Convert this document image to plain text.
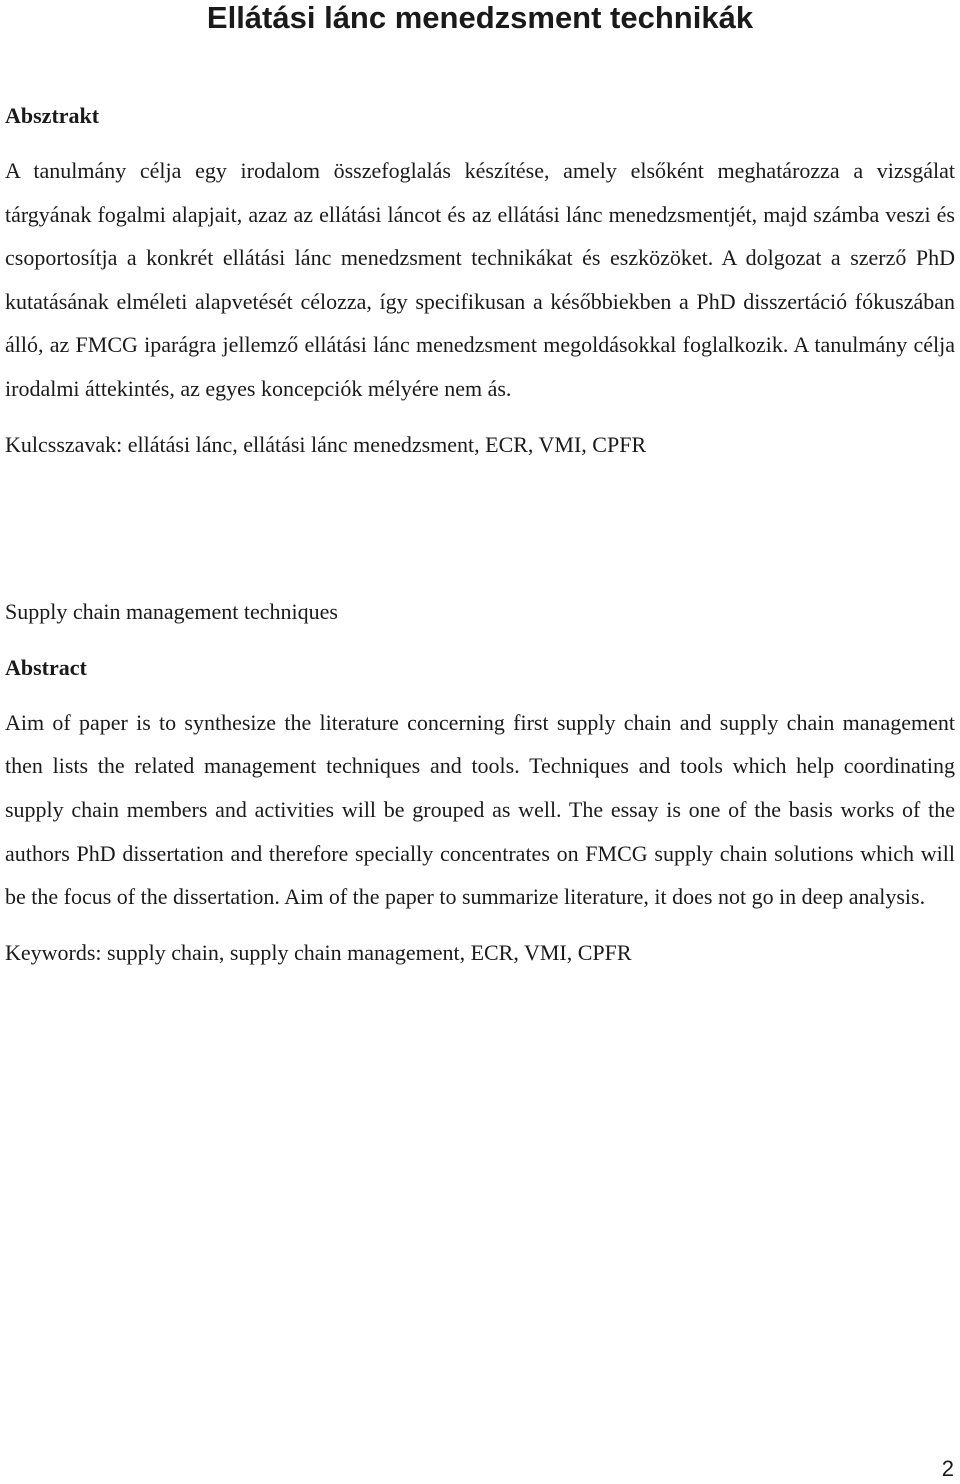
Ellátási lánc menedzsment technikák
Absztrakt

A tanulmány célja egy irodalom összefoglalás készítése, amely elsőként meghatározza a vizsgálat tárgyának fogalmi alapjait, azaz az ellátási láncot és az ellátási lánc menedzsmentjét, majd számba veszi és csoportosítja a konkrét ellátási lánc menedzsment technikákat és eszközöket. A dolgozat a szerző PhD kutatásának elméleti alapvetését célozza, így specifikusan a későbbiekben a PhD disszertáció fókuszában álló, az FMCG iparágra jellemző ellátási lánc menedzsment megoldásokkal foglalkozik. A tanulmány célja irodalmi áttekintés, az egyes koncepciók mélyére nem ás.

Kulcsszavak: ellátási lánc, ellátási lánc menedzsment, ECR, VMI, CPFR

Supply chain management techniques

Abstract

Aim of paper is to synthesize the literature concerning first supply chain and supply chain management then lists the related management techniques and tools. Techniques and tools which help coordinating supply chain members and activities will be grouped as well. The essay is one of the basis works of the authors PhD dissertation and therefore specially concentrates on FMCG supply chain solutions which will be the focus of the dissertation. Aim of the paper to summarize literature, it does not go in deep analysis.

Keywords: supply chain, supply chain management, ECR, VMI, CPFR

2
